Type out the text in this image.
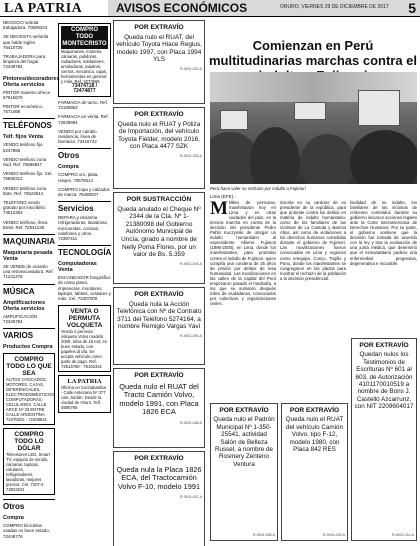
LA PATRIA	AVISOS ECONÓMICOS	ORURO, VIERNES 29 DE DICIEMBRE DE 2017 5
NEGOCIO solicita trabajadora. 70608344
SE NECESITA señorita que hable inglés. 76410735
TRABAJADORA para limpieza del hogar. 72449784
Pintores/decoradores Oferta servicios
PINTOR maestro ofrece 67915679
PINTOR económico. 7571468
TELÉFONOS
Telf. fijos Venta
VENDO teléfono fijo. 5247856
VENDO teléfono zona Sud. Ref. 76585847
VENDO teléfono fijo. Cel. 75890312
VENDO teléfono zona Este. Ref. 76523544
TELÉFONO vendo gratuito por inscribirlo. 74512363
VENDO teléfono, línea Entel. Ref. 72541236
MAQUINARIA
Maquinaria pesada Venta
SE VENDE de ocasión una retroexcavadora. Ref. 71241478
MÚSICA
Amplificaciones Oferta servicios
AMPLIFICACIÓN 72346784
VARIOS
Productos Compra
COMPRO TODO LO QUE SEA
AUTOS CHOCADOS, MOTORES, CAJAS, DIFERENCIALES, ELECTRODOMÉSTICOS, COMPUTADORAS, CELULARES. CALLE ARCE Nº 33 ENTRE CALLE ARGENTINA. 72470022 - 72408841
COMPRO TODO LO DÓLAR
Televisores LED, Smart TV, equipos de sonido, cámaras, laptops, celulares, refrigeradores, lavadoras, mejores precios. Cel. 7207-2 73823221
Otros
Compra
COMPRO bicicletas usadas en buen estado. 72449776
COMPRO TODO MONTECRISTO
Maquinarias, motores, cámaras, pulidoras, radiadores, soldadores, amoladoras, taladros, cierras, mecánica, cajas, herramientas en general y más. Ref. 3273506
73474718 / 72474877
FARMACIA de turno. Ref. 72180963
FARMACIA en venta. Ref. 72549984
VENDO por cambio residencia, línea de farmacia. 73416742
Otros
Compra
COMPRO oro, plata, relojes. 70578514
COMPRO ropa y calzados de marca. 76488037
Servicios
REPARA y desarma refrigeradoras, lavadoras, microondas, cocinas, calefones y otros. 72387411
TECNOLOGÍA
Computadoras Venta
ESCANEADOR fotográfico de cama plana, impresoras, monitores, laptops, tablets, celulares y más. Cel. 72407000
VENTA O PERMUTA VOLQUETA
Vendo o permuto volqueta Volvo modelo 2008, tolva de 15 m3, en buen estado, con papeles al día. Se acepta vehículo como parte de pago. Ref. 72514780 - 76162341
LA PATRIA
Oficina en Cochabamba - Calle Antezana Nº 377 casi Jordán. Desde la ciudad de Oruro. Telf. 4580766
POR EXTRAVÍO
Queda nulo el RUAT, del vehículo Toyota Hiace Regius, modelo 1997, con Placa 1994 YLS
R-0001-002-A
POR EXTRAVÍO
Queda nulo el RUAT y Póliza de Importación, del vehículo Toyota Fielder, modelo 2016, con Placa 4477 SZK
R-0001-003-A
POR SUSTRACCIÓN
Queda anulado el Cheque Nº 2344 de la Cta. Nº 1-21380098 del Gobierno Autónomo Municipal de Uncía, girado a nombre de Nelly Poma Flores, por un valor de Bs. 5.359
R-0001-004-A
POR EXTRAVÍO
Queda nula la Acción Telefónica con Nº de Contrato 3711 del Teléfono 5274164, a nombre Remigio Vargas Yavi
R-0001-005-A
POR EXTRAVÍO
Queda nulo el RUAT del Tracto Camión Volvo, modelo 1991, con Placa 1826 ECA
R-0001-006-A
POR EXTRAVÍO
Queda nula la Placa 1826 ECA, del Tractocamión Volvo F-10, modelo 1991
R-0001-007-A
Comienzan en Perú multitudinarias marchas contra el
Perú hace valer su rechazo por indulto a Fujimori
Lima (EFE).-
M Miles de personas, manifestaron hoy en Lima y en otras ciudades del país, en la tercera marcha en contra de la decisión del presidente Pedro Pablo Kuczynski de otorgar un indulto humanitario al expresidente Alberto Fujimori (1990-2000), en Lima, donde los manifestantes, para protestar contra el indulto de Fujimori, quien cumplía una condena de 25 años de prisión por delitos de lesa humanidad. Las movilizaciones en las calles de la capital del Perú empezaron pasado el mediodía, a los que se sumaron después miles de ciudadanos, convocados por colectivos y organizaciones civiles.
inscrita en su carácter de ex presidente de la república, para que proteste contra los delitos en materia de indulto humanitario, como de los familiares de las víctimas de La Cantuta y Barrios Altos, así como de violaciones a los derechos humanos cometidas durante el gobierno de Fujimori. Las movilizaciones fueron convocadas en Lima y regiones como Arequipa, Cusco, Trujillo y Puno, donde los manifestantes se congregaron en las plazas para mostrar el rechazo de la población a la decisión presidencial.
facilidad de su indulto, los familiares de las víctimas de crímenes cometidos durante su gobierno iniciaron acciones legales ante la Corte Interamericana de Derechos Humanos. Por su parte, el gobierno sostiene que la decisión fue tomada de acuerdo con la ley y tras la evaluación de una junta médica, que determinó que el exmandatario padece una enfermedad progresiva, degenerativa e incurable.
POR EXTRAVÍO
Queda nulo el Padrón Municipal Nº 1-350-25541, actividad Salón de Belleza Russel, a nombre de Rosmery Zenteno Ventura
R-0001-008-A
POR EXTRAVÍO
Queda nulo el RUAT del vehículo Camión Volvo, tipo F-12, modelo 1980, con Placa 842 RES
R-0001-009-A
POR EXTRAVÍO
Quedan nulos los Testimonios de Escrituras Nº 601 al 603, de Autorización 4101170010519 a nombre de Bons J. Castelló Azcarrunz, con NIT 2209604017
R-0001-010-A
